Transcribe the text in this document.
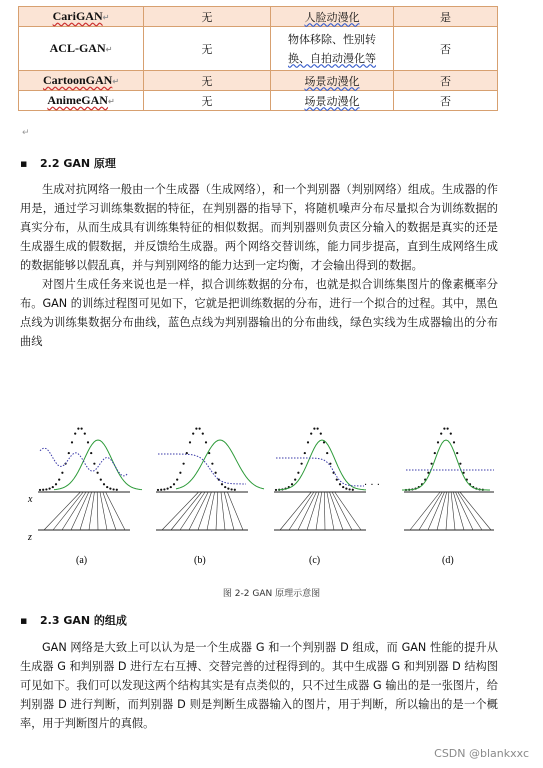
CariGAN↵	无	人脸动漫化	是
ACL-GAN↵	无	物体移除、性别转
换、自拍动漫化等	否
CartoonGAN↵	无	场景动漫化	否
AnimeGAN↵	无	场景动漫化	否
↵
▪ 2.2 GAN 原理

生成对抗网络一般由一个生成器（生成网络），和一个判别器（判别网络）组成。生成器的作用是，通过学习训练集数据的特征，在判别器的指导下，将随机噪声分布尽量拟合为训练数据的真实分布，从而生成具有训练集特征的相似数据。而判别器则负责区分输入的数据是真实的还是生成器生成的假数据，并反馈给生成器。两个网络交替训练，能力同步提高，直到生成网络生成的数据能够以假乱真，并与判别网络的能力达到一定均衡，才会输出得到的数据。

对图片生成任务来说也是一样，拟合训练数据的分布，也就是拟合训练集图片的像素概率分布。GAN 的训练过程图可见如下，它就是把训练数据的分布，进行一个拟合的过程。其中，黑色点线为训练集数据分布曲线，蓝色点线为判别器输出的分布曲线，绿色实线为生成器输出的分布曲线

x
z
· · ·
(a)	(b)	(c)	(d)
图 2-2 GAN 原理示意图
▪ 2.3 GAN 的组成

GAN 网络是大致上可以认为是一个生成器 G 和一个判别器 D 组成，而 GAN 性能的提升从生成器 G 和判别器 D 进行左右互搏、交替完善的过程得到的。其中生成器 G 和判别器 D 结构图可见如下。我们可以发现这两个结构其实是有点类似的，只不过生成器 G 输出的是一张图片，给判别器 D 进行判断，而判别器 D 则是判断生成器输入的图片，用于判断，所以输出的是一个概率，用于判断图片的真假。

CSDN @blankxxc
